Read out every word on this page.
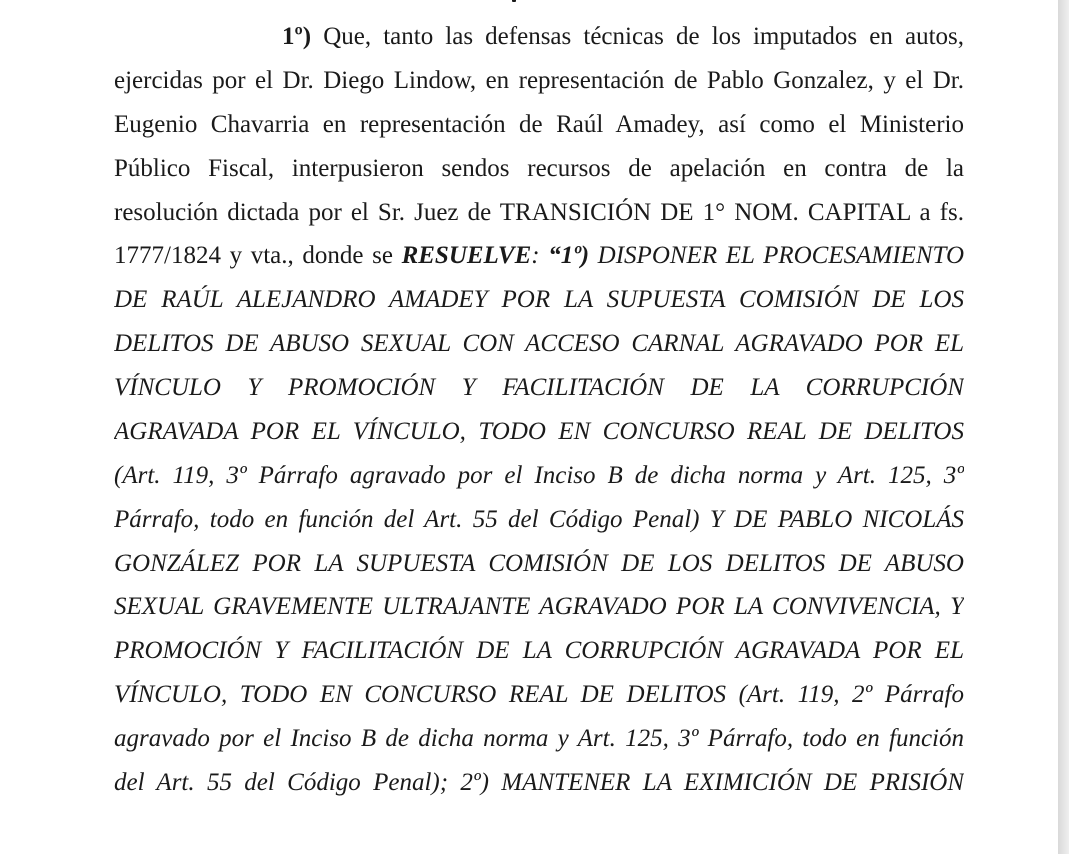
1º) Que, tanto las defensas técnicas de los imputados en autos,
ejercidas por el Dr. Diego Lindow, en representación de Pablo Gonzalez, y el Dr.
Eugenio Chavarria en representación de Raúl Amadey, así como el Ministerio
Público Fiscal, interpusieron sendos recursos de apelación en contra de la
resolución dictada por el Sr. Juez de TRANSICIÓN DE 1° NOM. CAPITAL a fs.
1777/1824 y vta., donde se RESUELVE: “1º) DISPONER EL PROCESAMIENTO
DE RAÚL ALEJANDRO AMADEY POR LA SUPUESTA COMISIÓN DE LOS
DELITOS DE ABUSO SEXUAL CON ACCESO CARNAL AGRAVADO POR EL
VÍNCULO Y PROMOCIÓN Y FACILITACIÓN DE LA CORRUPCIÓN
AGRAVADA POR EL VÍNCULO, TODO EN CONCURSO REAL DE DELITOS
(Art. 119, 3º Párrafo agravado por el Inciso B de dicha norma y Art. 125, 3º
Párrafo, todo en función del Art. 55 del Código Penal) Y DE PABLO NICOLÁS
GONZÁLEZ POR LA SUPUESTA COMISIÓN DE LOS DELITOS DE ABUSO
SEXUAL GRAVEMENTE ULTRAJANTE AGRAVADO POR LA CONVIVENCIA, Y
PROMOCIÓN Y FACILITACIÓN DE LA CORRUPCIÓN AGRAVADA POR EL
VÍNCULO, TODO EN CONCURSO REAL DE DELITOS (Art. 119, 2º Párrafo
agravado por el Inciso B de dicha norma y Art. 125, 3º Párrafo, todo en función
del Art. 55 del Código Penal); 2º) MANTENER LA EXIMICIÓN DE PRISIÓN
